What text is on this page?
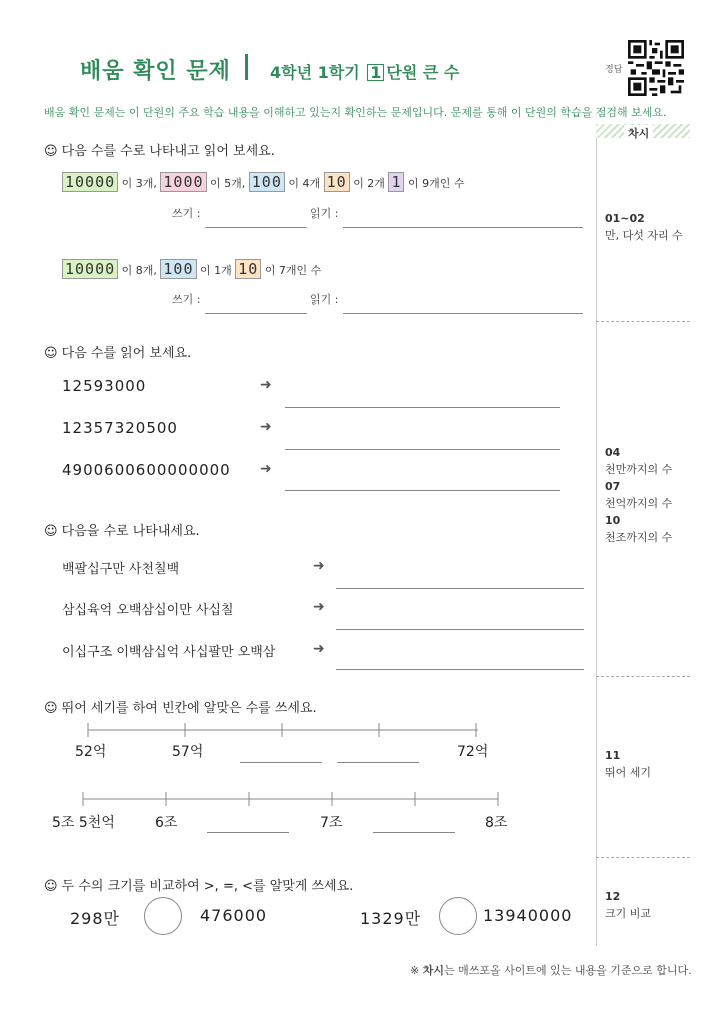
배움 확인 문제 4학년 1학기 1 단원 큰 수	정답
배움 확인 문제는 이 단원의 주요 학습 내용을 이해하고 있는지 확인하는 문제입니다. 문제를 통해 이 단원의 학습을 점검해 보세요.
차시
01~02
만, 다섯 자리 수
04
천만까지의 수
07
천억까지의 수
10
천조까지의 수
11
뛰어 세기
12
크기 비교
☺ 다음 수를 수로 나타내고 읽어 보세요.
10000 이 3개, 1000 이 5개, 100 이 4개 10 이 2개 1 이 9개인 수
쓰기 :	읽기 :
10000 이 8개, 100 이 1개 10 이 7개인 수
쓰기 :	읽기 :
☺ 다음 수를 읽어 보세요.
12593000	➜
12357320500	➜
4900600600000000 ➜
☺ 다음을 수로 나타내세요.
백팔십구만 사천칠백	➜
삼십육억 오백삼십이만 사십칠	➜
이십구조 이백삼십억 사십팔만 오백삼	➜
☺ 뛰어 세기를 하여 빈칸에 알맞은 수를 쓰세요.
52억	57억	72억
5조 5천억	6조	7조	8조
☺ 두 수의 크기를 비교하여 >, =, <를 알맞게 쓰세요.
298만	476000	1329만	13940000
※ 차시는 매쓰포올 사이트에 있는 내용을 기준으로 합니다.
